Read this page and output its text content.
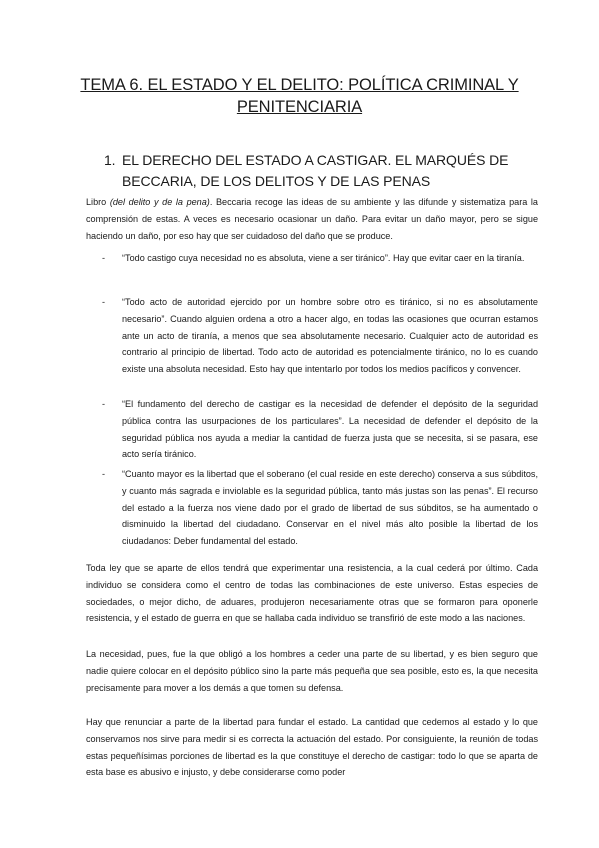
TEMA 6. EL ESTADO Y EL DELITO: POLÍTICA CRIMINAL Y
PENITENCIARIA
1. EL DERECHO DEL ESTADO A CASTIGAR. EL MARQUÉS DE BECCARIA, DE LOS DELITOS Y DE LAS PENAS

Libro (del delito y de la pena). Beccaria recoge las ideas de su ambiente y las difunde y sistematiza para la comprensión de estas. A veces es necesario ocasionar un daño. Para evitar un daño mayor, pero se sigue haciendo un daño, por eso hay que ser cuidadoso del daño que se produce.

- “Todo castigo cuya necesidad no es absoluta, viene a ser tiránico”. Hay que evitar caer en la tiranía.
- “Todo acto de autoridad ejercido por un hombre sobre otro es tiránico, si no es absolutamente necesario”. Cuando alguien ordena a otro a hacer algo, en todas las ocasiones que ocurran estamos ante un acto de tiranía, a menos que sea absolutamente necesario. Cualquier acto de autoridad es contrario al principio de libertad. Todo acto de autoridad es potencialmente tiránico, no lo es cuando existe una absoluta necesidad. Esto hay que intentarlo por todos los medios pacíficos y convencer.
- “El fundamento del derecho de castigar es la necesidad de defender el depósito de la seguridad pública contra las usurpaciones de los particulares”. La necesidad de defender el depósito de la seguridad pública nos ayuda a mediar la cantidad de fuerza justa que se necesita, si se pasara, ese acto sería tiránico.
- “Cuanto mayor es la libertad que el soberano (el cual reside en este derecho) conserva a sus súbditos, y cuanto más sagrada e inviolable es la seguridad pública, tanto más justas son las penas”. El recurso del estado a la fuerza nos viene dado por el grado de libertad de sus súbditos, se ha aumentado o disminuido la libertad del ciudadano. Conservar en el nivel más alto posible la libertad de los ciudadanos: Deber fundamental del estado.

Toda ley que se aparte de ellos tendrá que experimentar una resistencia, a la cual cederá por último. Cada individuo se considera como el centro de todas las combinaciones de este universo. Estas especies de sociedades, o mejor dicho, de aduares, produjeron necesariamente otras que se formaron para oponerle resistencia, y el estado de guerra en que se hallaba cada individuo se transfirió de este modo a las naciones.

La necesidad, pues, fue la que obligó a los hombres a ceder una parte de su libertad, y es bien seguro que nadie quiere colocar en el depósito público sino la parte más pequeña que sea posible, esto es, la que necesita precisamente para mover a los demás a que tomen su defensa.

Hay que renunciar a parte de la libertad para fundar el estado. La cantidad que cedemos al estado y lo que conservamos nos sirve para medir si es correcta la actuación del estado. Por consiguiente, la reunión de todas estas pequeñísimas porciones de libertad es la que constituye el derecho de castigar: todo lo que se aparta de esta base es abusivo e injusto, y debe considerarse como poder
